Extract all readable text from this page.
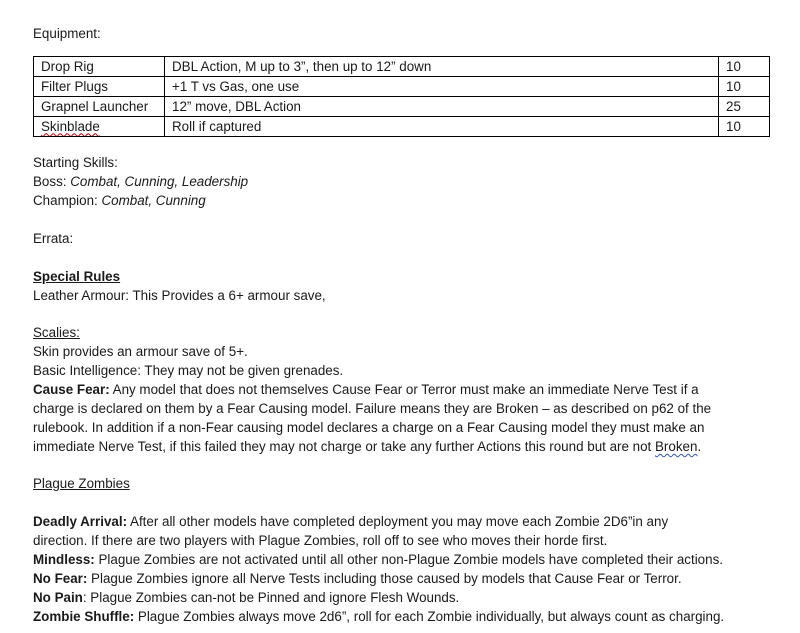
Equipment:
Drop Rig	DBL Action, M up to 3”, then up to 12” down	10
Filter Plugs	+1 T vs Gas, one use	10
Grapnel Launcher	12” move, DBL Action	25
Skinblade	Roll if captured	10
Starting Skills:
Boss: Combat, Cunning, Leadership
Champion: Combat, Cunning
Errata:
Special Rules
Leather Armour: This Provides a 6+ armour save,
Scalies:
Skin provides an armour save of 5+.
Basic Intelligence: They may not be given grenades.
Cause Fear: Any model that does not themselves Cause Fear or Terror must make an immediate Nerve Test if a
charge is declared on them by a Fear Causing model. Failure means they are Broken – as described on p62 of the
rulebook. In addition if a non-Fear causing model declares a charge on a Fear Causing model they must make an
immediate Nerve Test, if this failed they may not charge or take any further Actions this round but are not Broken.
Plague Zombies
Deadly Arrival: After all other models have completed deployment you may move each Zombie 2D6”in any
direction. If there are two players with Plague Zombies, roll off to see who moves their horde first.
Mindless: Plague Zombies are not activated until all other non-Plague Zombie models have completed their actions.
No Fear: Plague Zombies ignore all Nerve Tests including those caused by models that Cause Fear or Terror.
No Pain: Plague Zombies can-not be Pinned and ignore Flesh Wounds.
Zombie Shuffle: Plague Zombies always move 2d6”, roll for each Zombie individually, but always count as charging.
